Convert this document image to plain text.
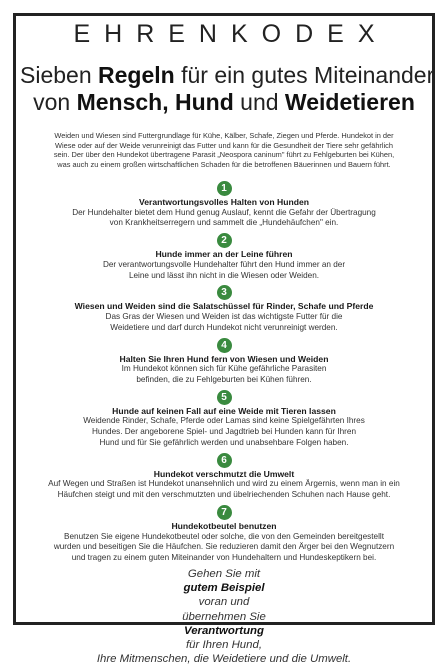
EHRENKODEX
Sieben Regeln für ein gutes Miteinander
von Mensch, Hund und Weidetieren
Weiden und Wiesen sind Futtergrundlage für Kühe, Kälber, Schafe, Ziegen und Pferde. Hundekot in der
Wiese oder auf der Weide verunreinigt das Futter und kann für die Gesundheit der Tiere sehr gefährlich
sein. Der über den Hundekot übertragene Parasit „Neospora caninum" führt zu Fehlgeburten bei Kühen,
was auch zu einem großen wirtschaftlichen Schaden für die betroffenen Bäuerinnen und Bauern führt.
1
Verantwortungsvolles Halten von Hunden
Der Hundehalter bietet dem Hund genug Auslauf, kennt die Gefahr der Übertragung
von Krankheitserregern und sammelt die „Hundehäufchen" ein.
2
Hunde immer an der Leine führen
Der verantwortungsvolle Hundehalter führt den Hund immer an der
Leine und lässt ihn nicht in die Wiesen oder Weiden.
3
Wiesen und Weiden sind die Salatschüssel für Rinder, Schafe und Pferde
Das Gras der Wiesen und Weiden ist das wichtigste Futter für die
Weidetiere und darf durch Hundekot nicht verunreinigt werden.
4
Halten Sie Ihren Hund fern von Wiesen und Weiden
Im Hundekot können sich für Kühe gefährliche Parasiten
befinden, die zu Fehlgeburten bei Kühen führen.
5
Hunde auf keinen Fall auf eine Weide mit Tieren lassen
Weidende Rinder, Schafe, Pferde oder Lamas sind keine Spielgefährten Ihres
Hundes. Der angeborene Spiel- und Jagdtrieb bei Hunden kann für Ihren
Hund und für Sie gefährlich werden und unabsehbare Folgen haben.
6
Hundekot verschmutzt die Umwelt
Auf Wegen und Straßen ist Hundekot unansehnlich und wird zu einem Ärgernis, wenn man in ein
Häufchen steigt und mit den verschmutzten und übelriechenden Schuhen nach Hause geht.
7
Hundekotbeutel benutzen
Benutzen Sie eigene Hundekotbeutel oder solche, die von den Gemeinden bereitgestellt
wurden und beseitigen Sie die Häufchen. Sie reduzieren damit den Ärger bei den Wegnutzern
und tragen zu einem guten Miteinander von Hundehaltern und Hundeskeptikern bei.
Gehen Sie mit
gutem Beispiel
voran und
übernehmen Sie
Verantwortung
für Ihren Hund,
Ihre Mitmenschen, die Weidetiere und die Umwelt.
